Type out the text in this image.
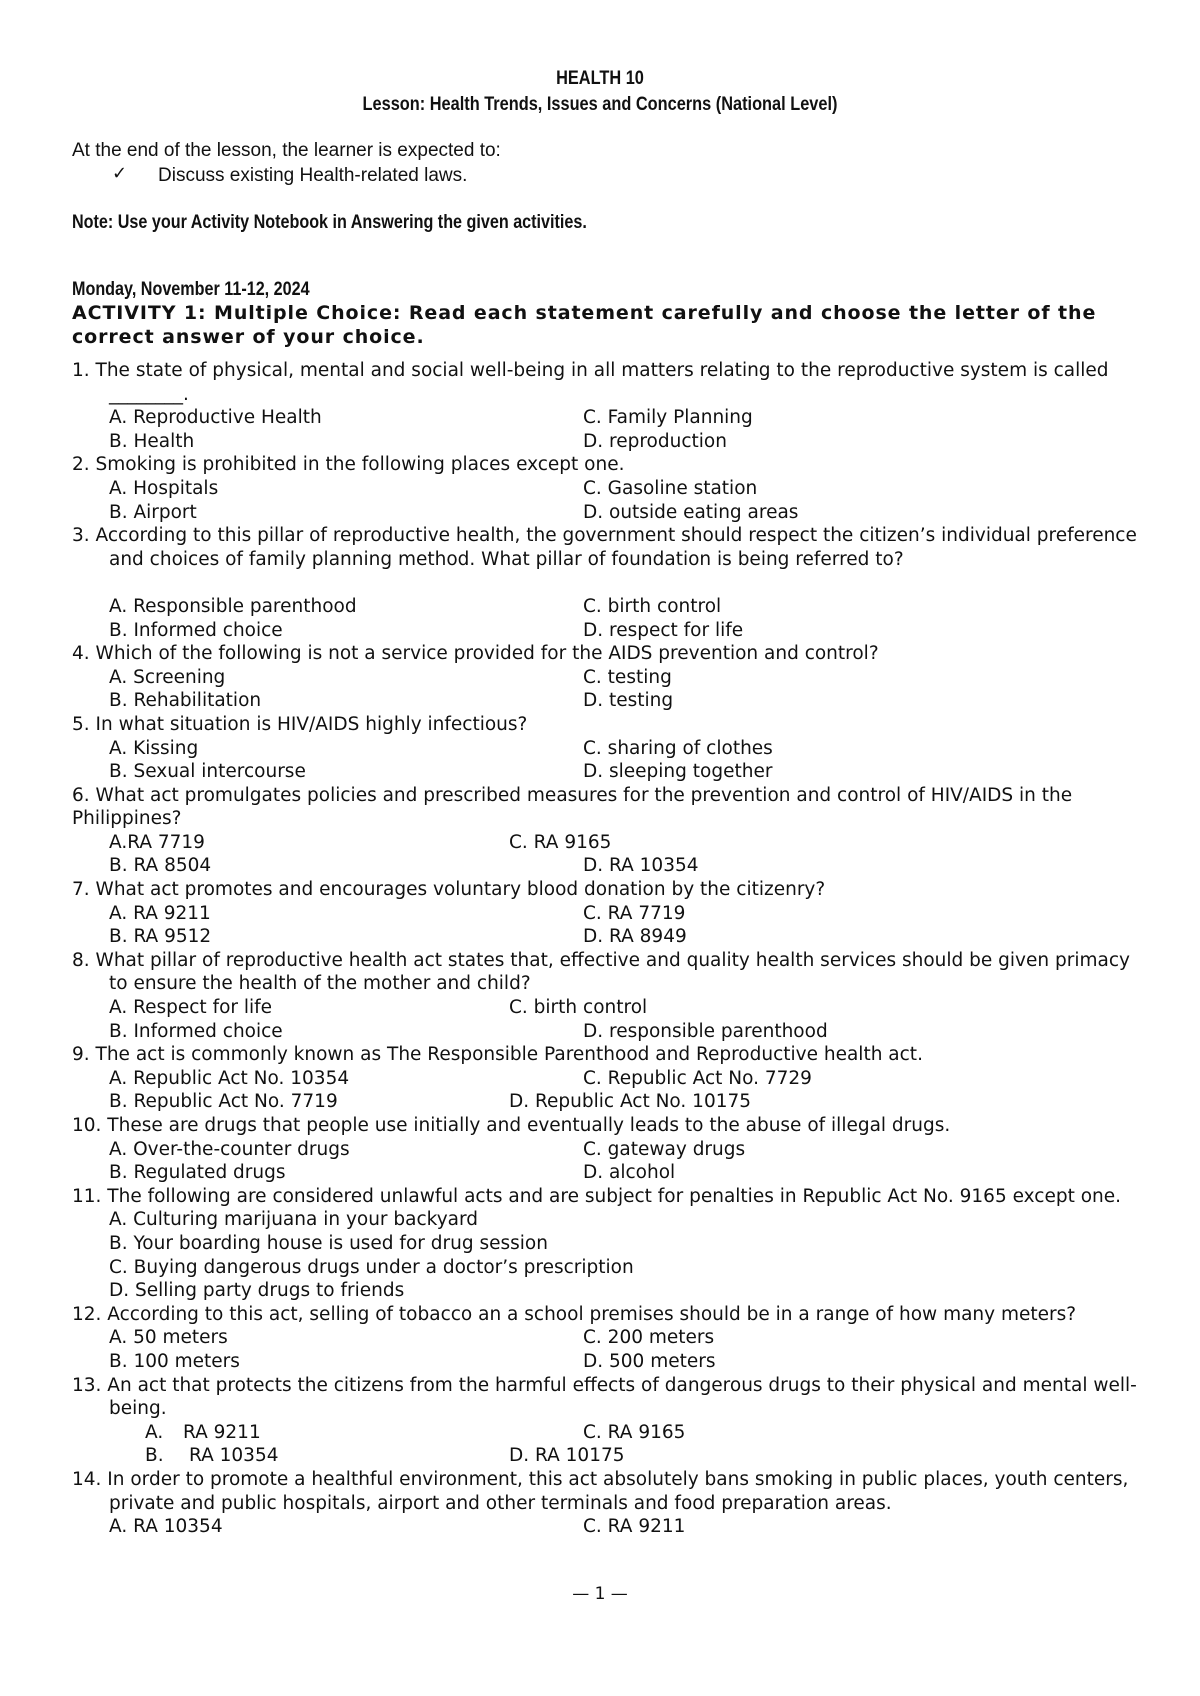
HEALTH 10
Lesson: Health Trends, Issues and Concerns (National Level)
At the end of the lesson, the learner is expected to:
✓ Discuss existing Health-related laws.
Note: Use your Activity Notebook in Answering the given activities.
Monday, November 11-12, 2024
ACTIVITY 1: Multiple Choice: Read each statement carefully and choose the letter of the
correct answer of your choice.
1. The state of physical, mental and social well-being in all matters relating to the reproductive system is called ________.
A. Reproductive Health	C. Family Planning
B. Health	D. reproduction
2. Smoking is prohibited in the following places except one.
A. Hospitals	C. Gasoline station
B. Airport	D. outside eating areas
3. According to this pillar of reproductive health, the government should respect the citizen’s individual preference and choices of family planning method. What pillar of foundation is being referred to?
A. Responsible parenthood	C. birth control
B. Informed choice	D. respect for life
4. Which of the following is not a service provided for the AIDS prevention and control?
A. Screening	C. testing
B. Rehabilitation	D. testing
5. In what situation is HIV/AIDS highly infectious?
A. Kissing	C. sharing of clothes
B. Sexual intercourse	D. sleeping together
6. What act promulgates policies and prescribed measures for the prevention and control of HIV/AIDS in the Philippines?
A.RA 7719	C. RA 9165
B. RA 8504	D. RA 10354
7. What act promotes and encourages voluntary blood donation by the citizenry?
A. RA 9211	C. RA 7719
B. RA 9512	D. RA 8949
8. What pillar of reproductive health act states that, effective and quality health services should be given primacy to ensure the health of the mother and child?
A. Respect for life	C. birth control
B. Informed choice	D. responsible parenthood
9. The act is commonly known as The Responsible Parenthood and Reproductive health act.
A. Republic Act No. 10354	C. Republic Act No. 7729
B. Republic Act No. 7719	D. Republic Act No. 10175
10. These are drugs that people use initially and eventually leads to the abuse of illegal drugs.
A. Over-the-counter drugs	C. gateway drugs
B. Regulated drugs	D. alcohol
11. The following are considered unlawful acts and are subject for penalties in Republic Act No. 9165 except one.
A. Culturing marijuana in your backyard
B. Your boarding house is used for drug session
C. Buying dangerous drugs under a doctor’s prescription
D. Selling party drugs to friends
12. According to this act, selling of tobacco an a school premises should be in a range of how many meters?
A. 50 meters	C. 200 meters
B. 100 meters	D. 500 meters
13. An act that protects the citizens from the harmful effects of dangerous drugs to their physical and mental well-being.
A. RA 9211	C. RA 9165
B. RA 10354	D. RA 10175
14. In order to promote a healthful environment, this act absolutely bans smoking in public places, youth centers, private and public hospitals, airport and other terminals and food preparation areas.
A. RA 10354	C. RA 9211
— 1 —
